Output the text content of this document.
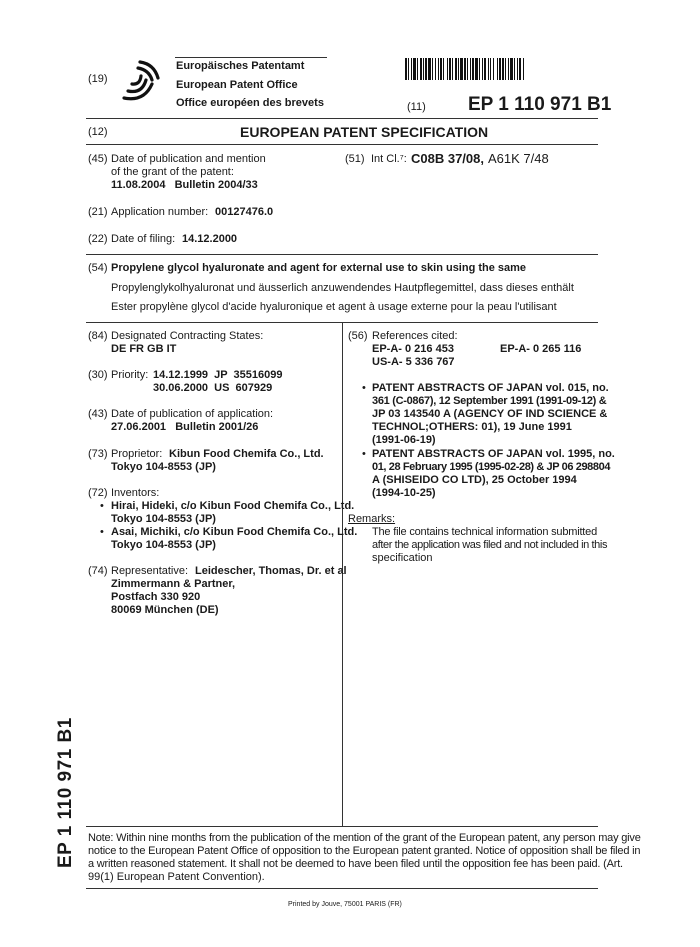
(19)
Europäisches Patentamt
European Patent Office
Office européen des brevets	(11) EP 1 110 971 B1
(12)	EUROPEAN PATENT SPECIFICATION
(45) Date of publication and mention
of the grant of the patent:
11.08.2004   Bulletin 2004/33
(51) Int Cl.⁷: C08B 37/08, A61K 7/48
(21) Application number: 00127476.0
(22) Date of filing: 14.12.2000
(54) Propylene glycol hyaluronate and agent for external use to skin using the same
Propylenglykolhyaluronat und äusserlich anzuwendendes Hautpflegemittel, dass dieses enthält
Ester propylène glycol d'acide hyaluronique et agent à usage externe pour la peau l'utilisant
(84) Designated Contracting States:
DE FR GB IT
(30) Priority: 14.12.1999  JP  35516099
30.06.2000  US  607929
(43) Date of publication of application:
27.06.2001   Bulletin 2001/26
(73) Proprietor: Kibun Food Chemifa Co., Ltd.
Tokyo 104-8553 (JP)
(72) Inventors:
• Hirai, Hideki, c/o Kibun Food Chemifa Co., Ltd.
Tokyo 104-8553 (JP)
• Asai, Michiki, c/o Kibun Food Chemifa Co., Ltd.
Tokyo 104-8553 (JP)
(74) Representative: Leidescher, Thomas, Dr. et al
Zimmermann & Partner,
Postfach 330 920
80069 München (DE)
(56) References cited:
EP-A- 0 216 453	EP-A- 0 265 116
US-A- 5 336 767
• PATENT ABSTRACTS OF JAPAN vol. 015, no.
361 (C-0867), 12 September 1991 (1991-09-12) &
JP 03 143540 A (AGENCY OF IND SCIENCE &
TECHNOL;OTHERS: 01), 19 June 1991
(1991-06-19)
• PATENT ABSTRACTS OF JAPAN vol. 1995, no.
01, 28 February 1995 (1995-02-28) & JP 06 298804
A (SHISEIDO CO LTD), 25 October 1994
(1994-10-25)
Remarks:
The file contains technical information submitted
after the application was filed and not included in this
specification
EP 1 110 971 B1 Note: Within nine months from the publication of the mention of the grant of the European patent, any person may give
notice to the European Patent Office of opposition to the European patent granted. Notice of opposition shall be filed in
a written reasoned statement. It shall not be deemed to have been filed until the opposition fee has been paid. (Art.
99(1) European Patent Convention).
Printed by Jouve, 75001 PARIS (FR)
